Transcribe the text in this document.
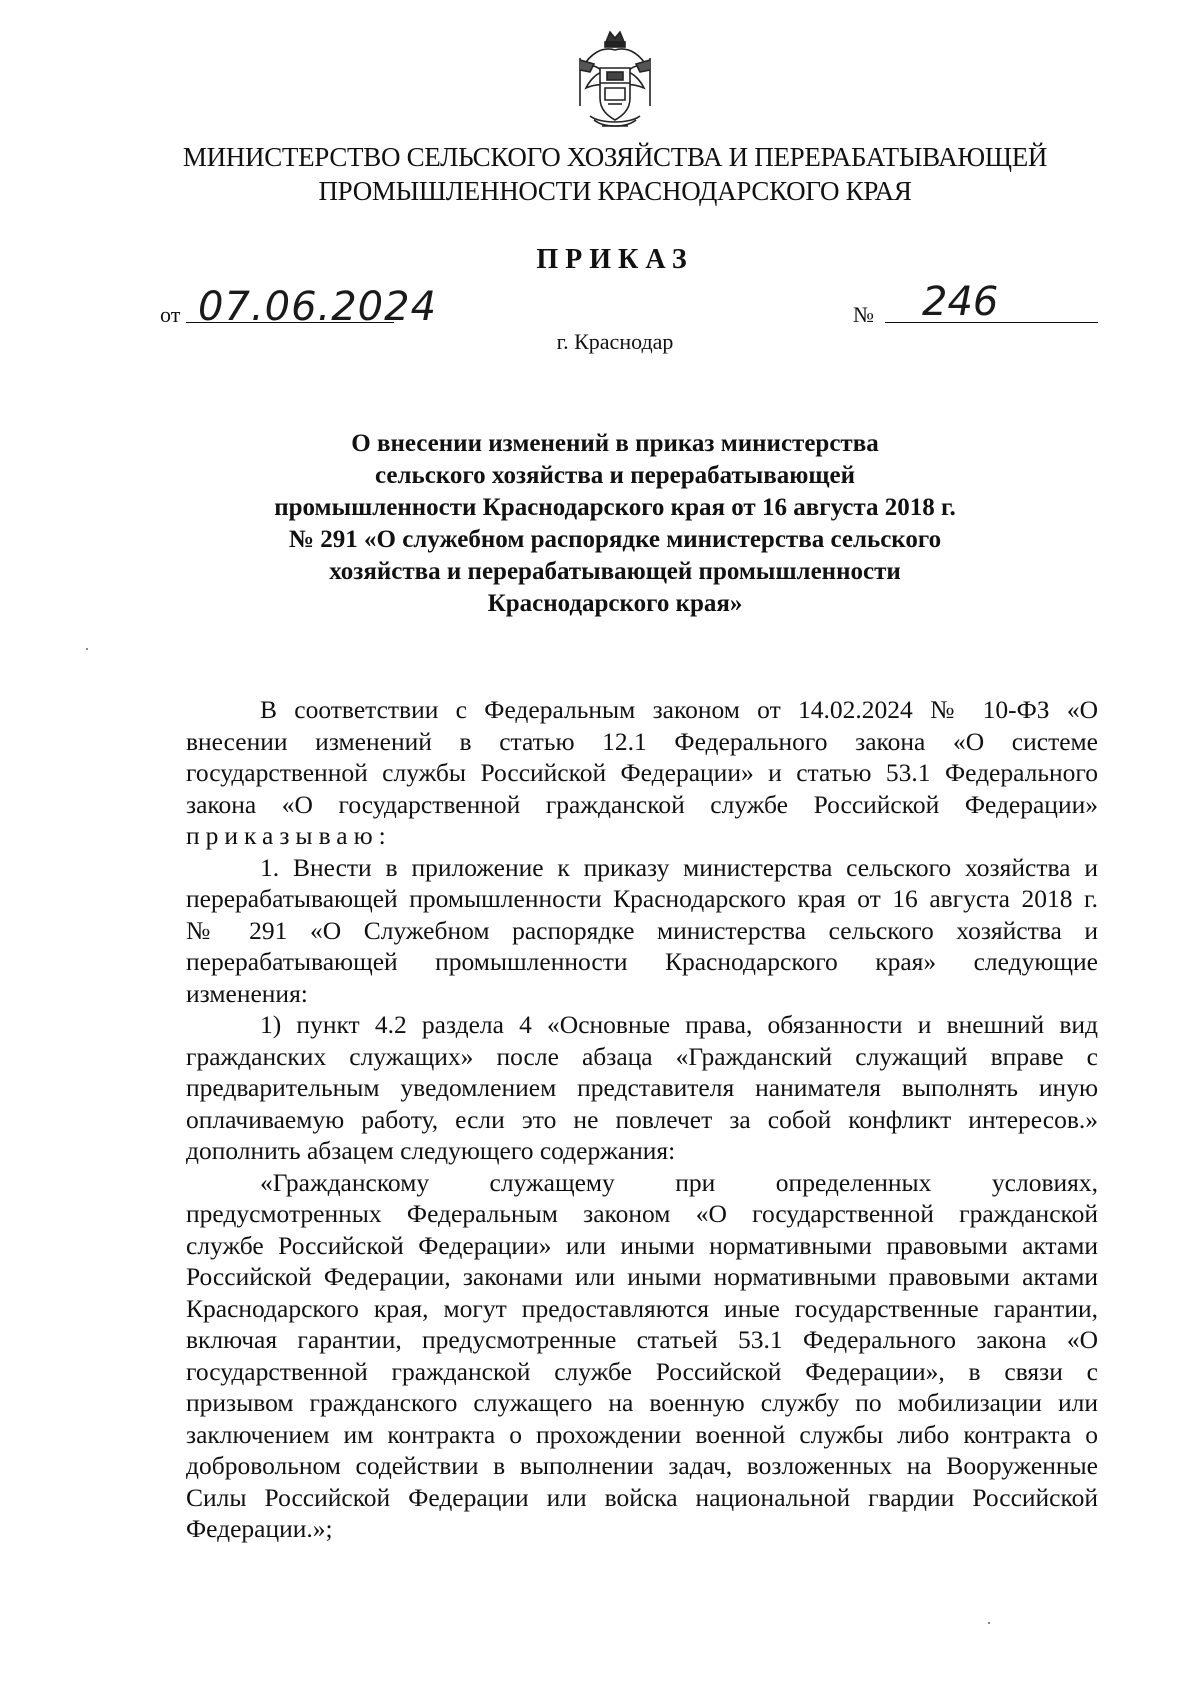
МИНИСТЕРСТВО СЕЛЬСКОГО ХОЗЯЙСТВА И ПЕРЕРАБАТЫВАЮЩЕЙ
ПРОМЫШЛЕННОСТИ КРАСНОДАРСКОГО КРАЯ
ПРИКАЗ
от 07.06.2024	№ 246
г. Краснодар
О внесении изменений в приказ министерства
сельского хозяйства и перерабатывающей
промышленности Краснодарского края от 16 августа 2018 г.
№ 291 «О служебном распорядке министерства сельского
хозяйства и перерабатывающей промышленности
Краснодарского края»
В соответствии с Федеральным законом от 14.02.2024 № 10-ФЗ «О
внесении изменений в статью 12.1 Федерального закона «О системе
государственной службы Российской Федерации» и статью 53.1 Федерального
закона «О государственной гражданской службе Российской Федерации»
приказываю:
1. Внести в приложение к приказу министерства сельского хозяйства и
перерабатывающей промышленности Краснодарского края от 16 августа 2018 г.
№ 291 «О Служебном распорядке министерства сельского хозяйства и
перерабатывающей промышленности Краснодарского края» следующие
изменения:
1) пункт 4.2 раздела 4 «Основные права, обязанности и внешний вид
гражданских служащих» после абзаца «Гражданский служащий вправе с
предварительным уведомлением представителя нанимателя выполнять иную
оплачиваемую работу, если это не повлечет за собой конфликт интересов.»
дополнить абзацем следующего содержания:
«Гражданскому служащему при определенных условиях,
предусмотренных Федеральным законом «О государственной гражданской
службе Российской Федерации» или иными нормативными правовыми актами
Российской Федерации, законами или иными нормативными правовыми актами
Краснодарского края, могут предоставляются иные государственные гарантии,
включая гарантии, предусмотренные статьей 53.1 Федерального закона «О
государственной гражданской службе Российской Федерации», в связи с
призывом гражданского служащего на военную службу по мобилизации или
заключением им контракта о прохождении военной службы либо контракта о
добровольном содействии в выполнении задач, возложенных на Вооруженные
Силы Российской Федерации или войска национальной гвардии Российской
Федерации.»;
